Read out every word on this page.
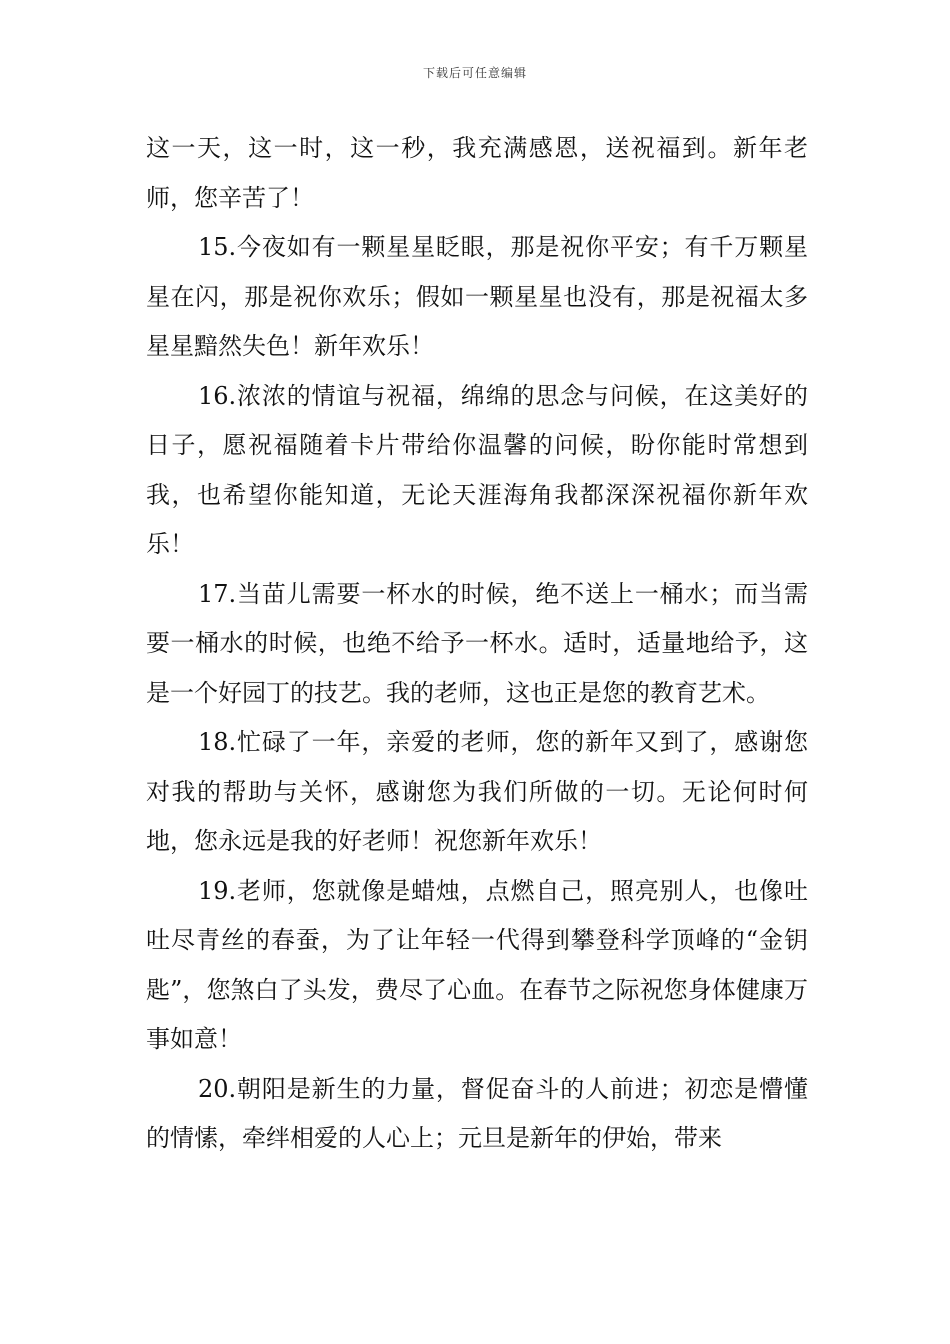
下载后可任意编辑

这一天，这一时，这一秒，我充满感恩，送祝福到。新年老师，您辛苦了！

15.今夜如有一颗星星眨眼，那是祝你平安；有千万颗星星在闪，那是祝你欢乐；假如一颗星星也没有，那是祝福太多星星黯然失色！新年欢乐！

16.浓浓的情谊与祝福，绵绵的思念与问候，在这美好的日子，愿祝福随着卡片带给你温馨的问候，盼你能时常想到我，也希望你能知道，无论天涯海角我都深深祝福你新年欢乐！

17.当苗儿需要一杯水的时候，绝不送上一桶水；而当需要一桶水的时候，也绝不给予一杯水。适时，适量地给予，这是一个好园丁的技艺。我的老师，这也正是您的教育艺术。

18.忙碌了一年，亲爱的老师，您的新年又到了，感谢您对我的帮助与关怀，感谢您为我们所做的一切。无论何时何地，您永远是我的好老师！祝您新年欢乐！

19.老师，您就像是蜡烛，点燃自己，照亮别人，也像吐吐尽青丝的春蚕，为了让年轻一代得到攀登科学顶峰的“金钥匙”，您煞白了头发，费尽了心血。在春节之际祝您身体健康万事如意！

20.朝阳是新生的力量，督促奋斗的人前进；初恋是懵懂的情愫，牵绊相爱的人心上；元旦是新年的伊始，带来
